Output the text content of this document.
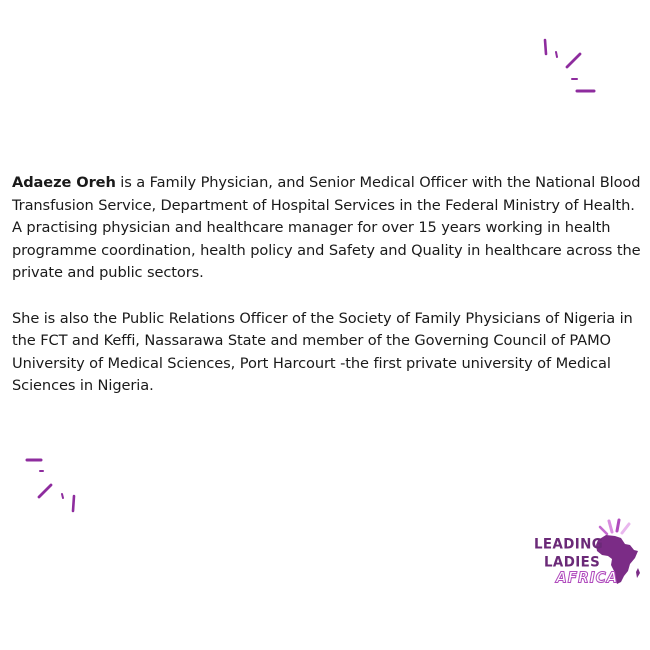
Adaeze Oreh is a Family Physician, and Senior Medical Officer with the National Blood Transfusion Service, Department of Hospital Services in the Federal Ministry of Health. A practising physician and healthcare manager for over 15 years working in health programme coordination, health policy and Safety and Quality in healthcare across the private and public sectors.

She is also the Public Relations Officer of the Society of Family Physicians of Nigeria in the FCT and Keffi, Nassarawa State and member of the Governing Council of PAMO University of Medical Sciences, Port Harcourt -the first private university of Medical Sciences in Nigeria.

LEADING
LADIES
AFRICA
